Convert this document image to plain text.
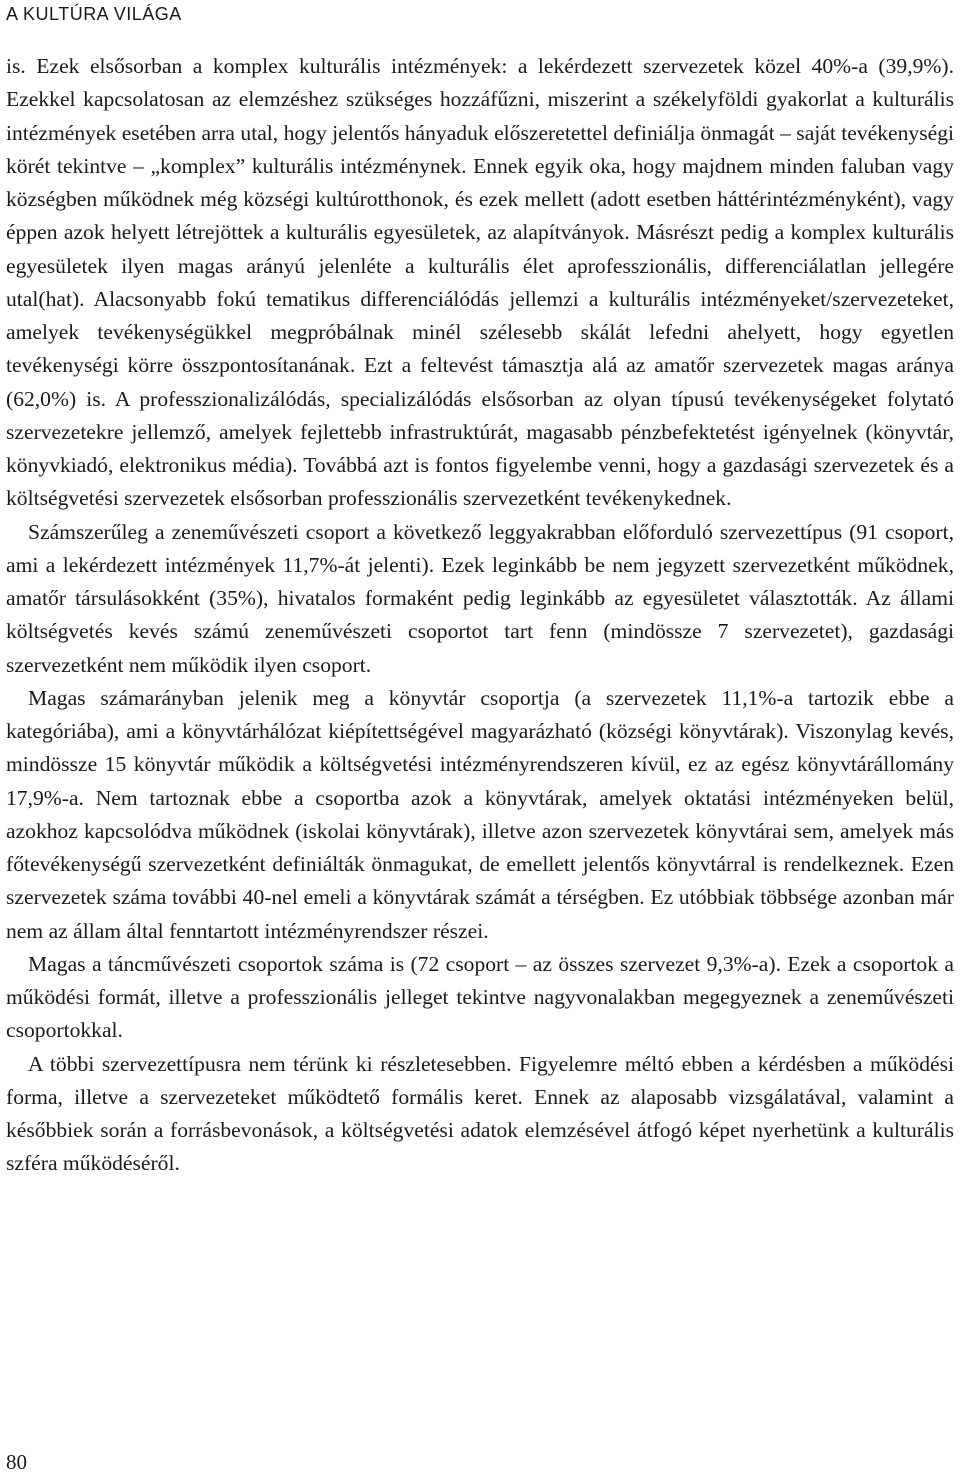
A KULTÚRA VILÁGA

is. Ezek elsősorban a komplex kulturális intézmények: a lekérdezett szervezetek közel 40%-a (39,9%). Ezekkel kapcsolatosan az elemzéshez szükséges hozzáfűzni, miszerint a székelyföldi gyakorlat a kulturális intézmények esetében arra utal, hogy jelentős hányaduk előszeretettel definiálja önmagát – saját tevékenységi körét tekintve – „komplex” kulturális intézménynek. Ennek egyik oka, hogy majdnem minden faluban vagy községben működnek még községi kultúrotthonok, és ezek mellett (adott esetben háttérintézményként), vagy éppen azok helyett létrejöttek a kulturális egyesületek, az alapítványok. Másrészt pedig a komplex kulturális egyesületek ilyen magas arányú jelenléte a kulturális élet aprofesszionális, differenciálatlan jellegére utal(hat). Alacsonyabb fokú tematikus differenciálódás jellemzi a kulturális intézményeket/szervezeteket, amelyek tevékenységükkel megpróbálnak minél szélesebb skálát lefedni ahelyett, hogy egyetlen tevékenységi körre összpontosítanának. Ezt a feltevést támasztja alá az amatőr szervezetek magas aránya (62,0%) is. A professzionalizálódás, specializálódás elsősorban az olyan típusú tevékenységeket folytató szervezetekre jellemző, amelyek fejlettebb infrastruktúrát, magasabb pénzbefektetést igényelnek (könyvtár, könyvkiadó, elektronikus média). Továbbá azt is fontos figyelembe venni, hogy a gazdasági szervezetek és a költségvetési szervezetek elsősorban professzionális szervezetként tevékenykednek.

Számszerűleg a zeneművészeti csoport a következő leggyakrabban előforduló szervezettípus (91 csoport, ami a lekérdezett intézmények 11,7%-át jelenti). Ezek leginkább be nem jegyzett szervezetként működnek, amatőr társulásokként (35%), hivatalos formaként pedig leginkább az egyesületet választották. Az állami költségvetés kevés számú zeneművészeti csoportot tart fenn (mindössze 7 szervezetet), gazdasági szervezetként nem működik ilyen csoport.

Magas számarányban jelenik meg a könyvtár csoportja (a szervezetek 11,1%-a tartozik ebbe a kategóriába), ami a könyvtárhálózat kiépítettségével magyarázható (községi könyvtárak). Viszonylag kevés, mindössze 15 könyvtár működik a költségvetési intézményrendszeren kívül, ez az egész könyvtárállomány 17,9%-a. Nem tartoznak ebbe a csoportba azok a könyvtárak, amelyek oktatási intézményeken belül, azokhoz kapcsolódva működnek (iskolai könyvtárak), illetve azon szervezetek könyvtárai sem, amelyek más főtevékenységű szervezetként definiálták önmagukat, de emellett jelentős könyvtárral is rendelkeznek. Ezen szervezetek száma további 40-nel emeli a könyvtárak számát a térségben. Ez utóbbiak többsége azonban már nem az állam által fenntartott intézményrendszer részei.

Magas a táncművészeti csoportok száma is (72 csoport – az összes szervezet 9,3%-a). Ezek a csoportok a működési formát, illetve a professzionális jelleget tekintve nagyvonalakban megegyeznek a zeneművészeti csoportokkal.

A többi szervezettípusra nem térünk ki részletesebben. Figyelemre méltó ebben a kérdésben a működési forma, illetve a szervezeteket működtető formális keret. Ennek az alaposabb vizsgálatával, valamint a későbbiek során a forrásbevonások, a költségvetési adatok elemzésével átfogó képet nyerhetünk a kulturális szféra működéséről.

80
